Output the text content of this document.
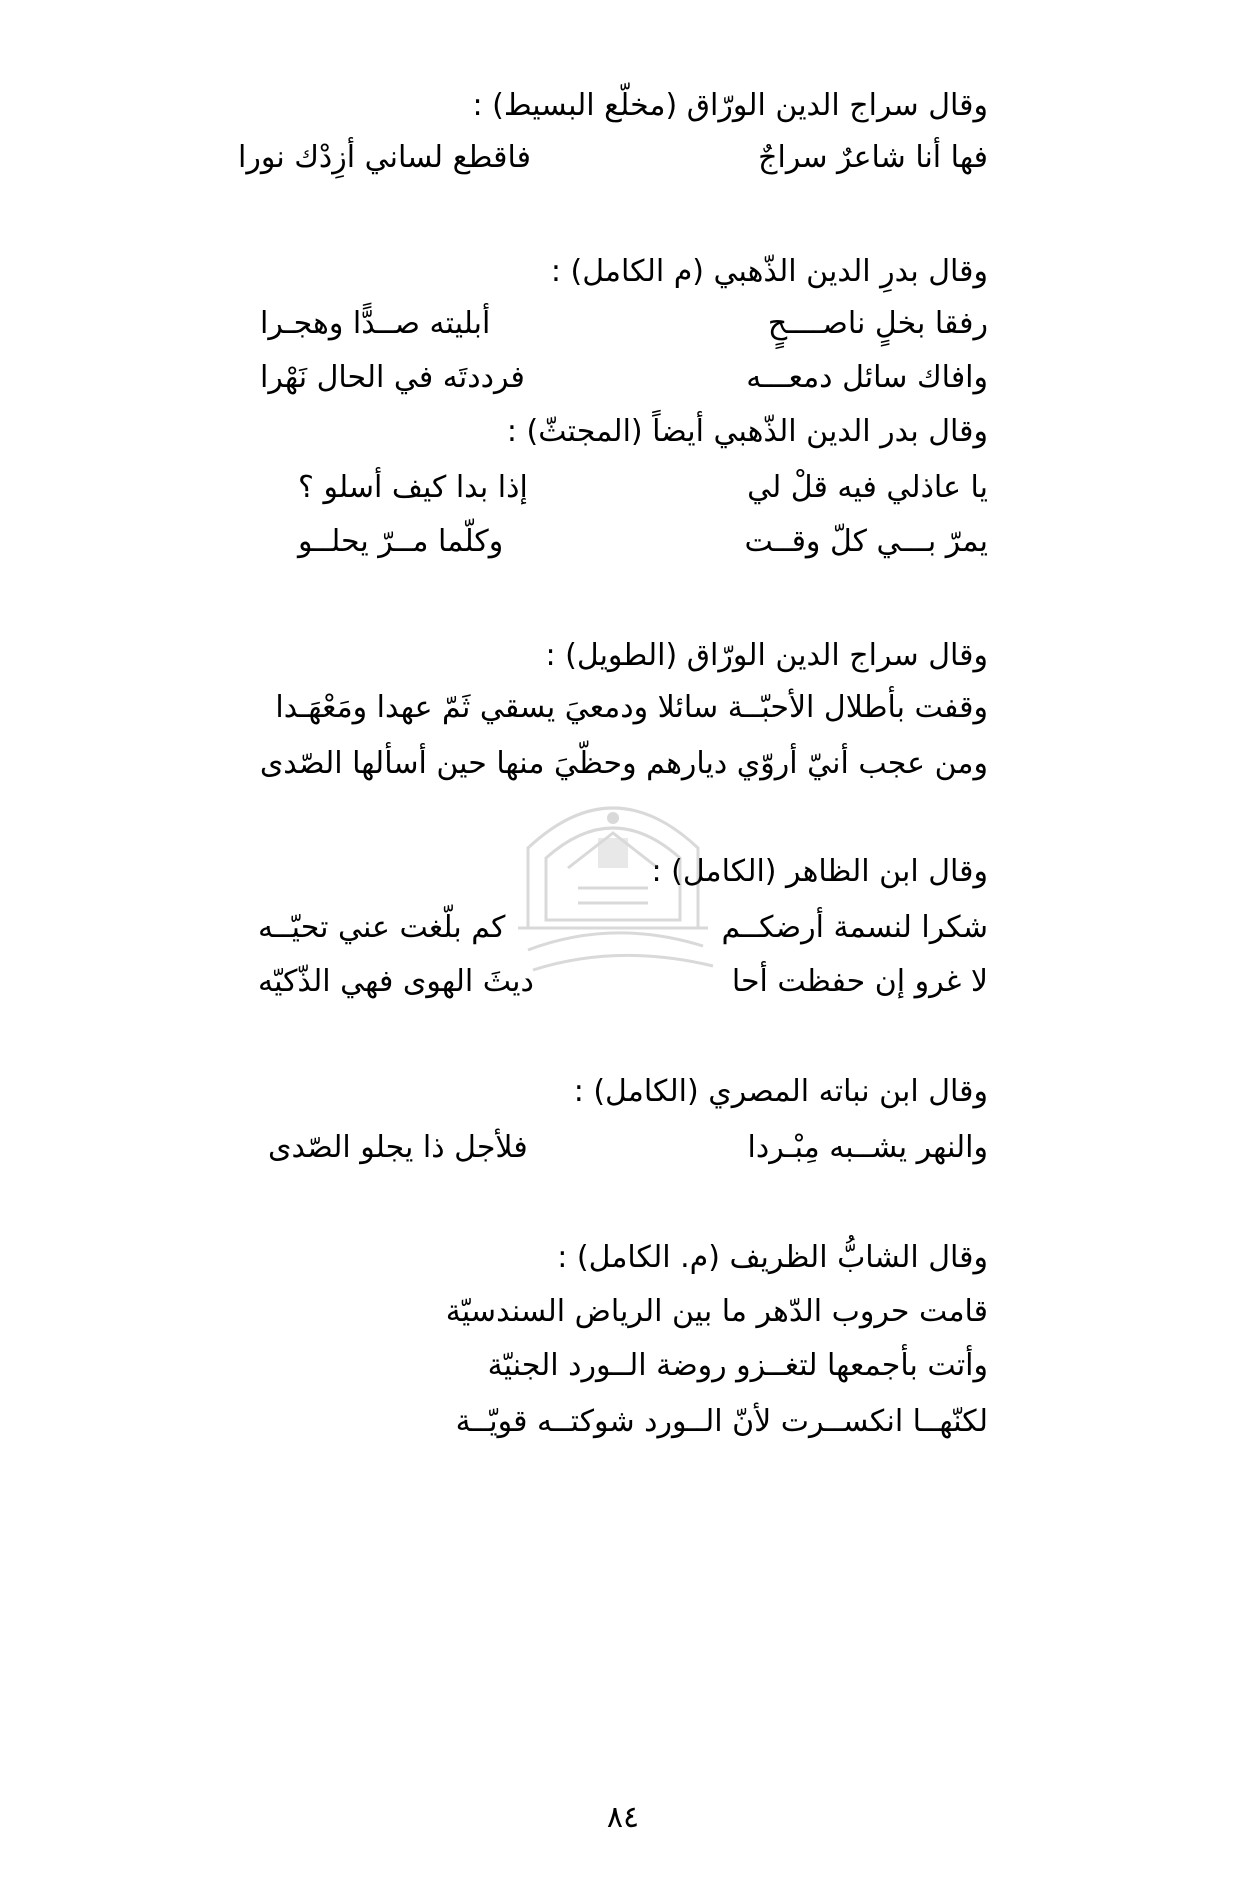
وقال سراج الدين الورّاق (مخلّع البسيط) :
فها أنا شاعرٌ سراجٌ
فاقطع لساني أزِدْك نورا
وقال بدرِ الدين الذّهبي (م الكامل) :
رفقا بخلٍ ناصــــحٍ
أبليته صــدًّا وهجـرا
وافاك سائل دمعـــه
فرددتَه في الحال نَهْرا
وقال بدر الدين الذّهبي أيضاً (المجتثّ) :
يا عاذلي فيه قلْ لي
إذا بدا كيف أسلو ؟
يمرّ بـــي كلّ وقــت
وكلّما مــرّ يحلــو
وقال سراج الدين الورّاق (الطويل) :
وقفت بأطلال الأحبّــة سائلا ودمعيَ يسقي ثَمّ عهدا ومَعْهَـدا
ومن عجب أنيّ أروّي ديارهم وحظّيَ منها حين أسألها الصّدى
وقال ابن الظاهر (الكامل) :
شكرا لنسمة أرضكــم
كم بلّغت عني تحيّــه
لا غرو إن حفظت أحا
ديثَ الهوى فهي الذّكيّه
وقال ابن نباته المصري (الكامل) :
والنهر يشــبه مِبْـردا
فلأجل ذا يجلو الصّدى
وقال الشابُّ الظريف (م. الكامل) :
قامت حروب الدّهر ما بين الرياض السندسيّة
وأتت بأجمعها لتغــزو روضة الــورد الجنيّة
لكنّهــا انكســرت لأنّ الــورد شوكتــه قويّــة
٨٤
